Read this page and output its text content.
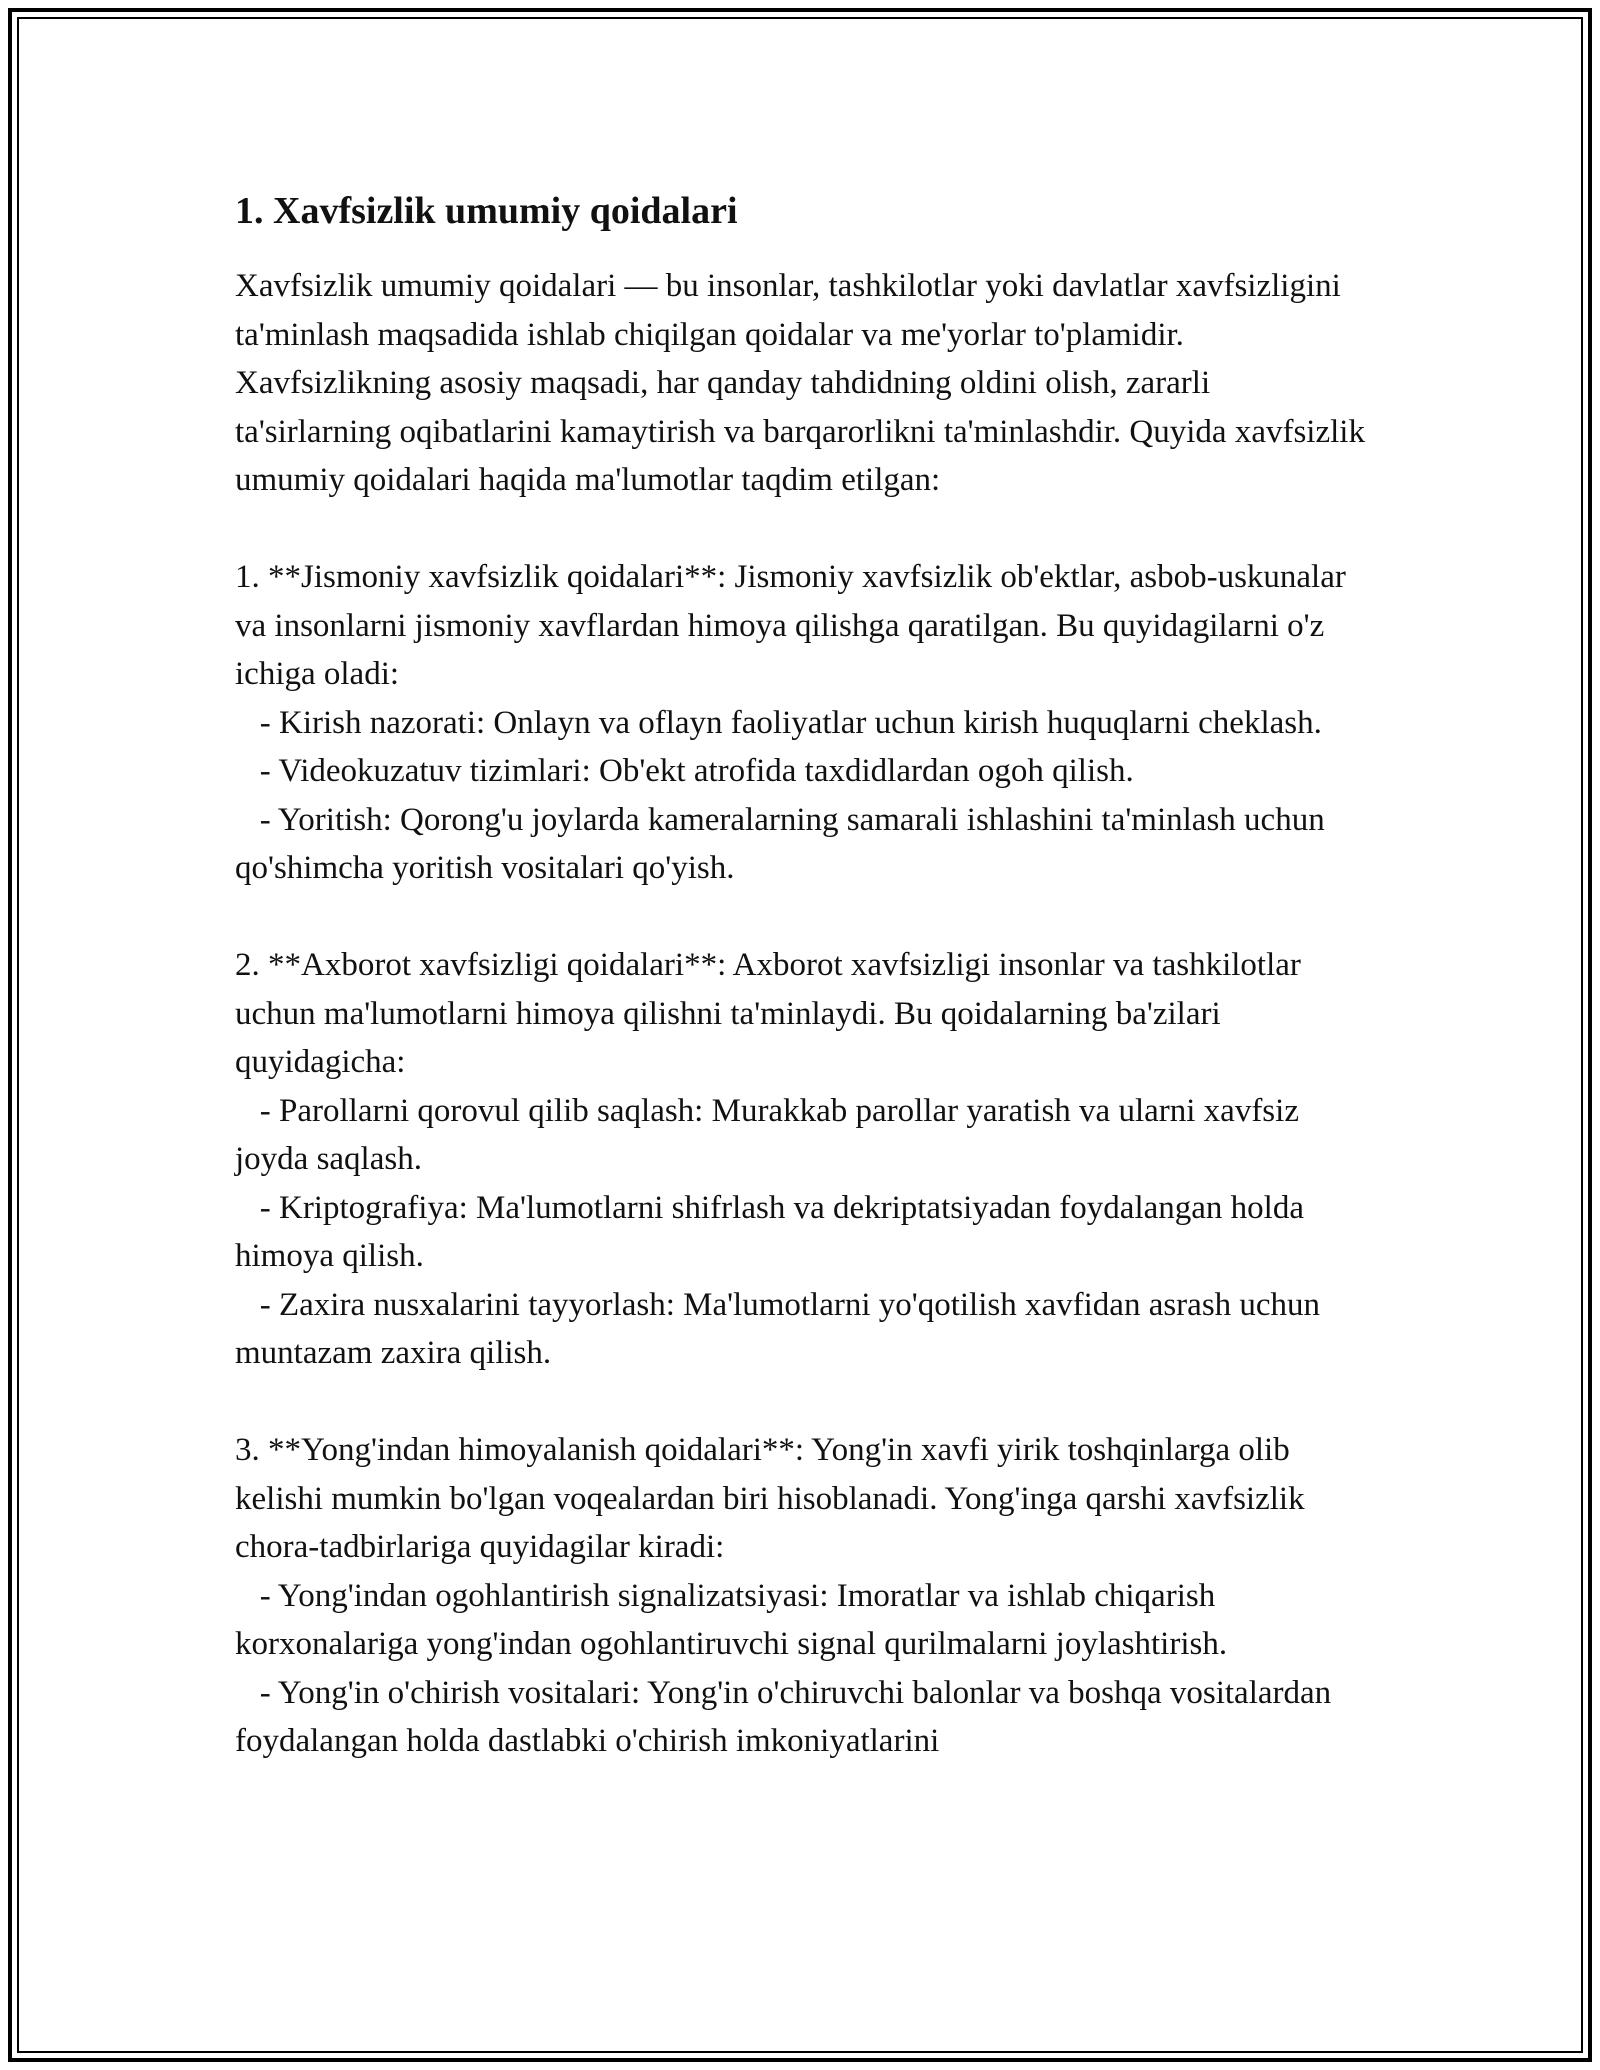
1. Xavfsizlik umumiy qoidalari

Xavfsizlik umumiy qoidalari — bu insonlar, tashkilotlar yoki davlatlar xavfsizligini ta'minlash maqsadida ishlab chiqilgan qoidalar va me'yorlar to'plamidir. Xavfsizlikning asosiy maqsadi, har qanday tahdidning oldini olish, zararli ta'sirlarning oqibatlarini kamaytirish va barqarorlikni ta'minlashdir. Quyida xavfsizlik umumiy qoidalari haqida ma'lumotlar taqdim etilgan:

1. **Jismoniy xavfsizlik qoidalari**: Jismoniy xavfsizlik ob'ektlar, asbob-uskunalar va insonlarni jismoniy xavflardan himoya qilishga qaratilgan. Bu quyidagilarni o'z ichiga oladi:

- Kirish nazorati: Onlayn va oflayn faoliyatlar uchun kirish huquqlarni cheklash.

- Videokuzatuv tizimlari: Ob'ekt atrofida taxdidlardan ogoh qilish.

- Yoritish: Qorong'u joylarda kameralarning samarali ishlashini ta'minlash uchun qo'shimcha yoritish vositalari qo'yish.

2. **Axborot xavfsizligi qoidalari**: Axborot xavfsizligi insonlar va tashkilotlar uchun ma'lumotlarni himoya qilishni ta'minlaydi. Bu qoidalarning ba'zilari quyidagicha:

- Parollarni qorovul qilib saqlash: Murakkab parollar yaratish va ularni xavfsiz joyda saqlash.

- Kriptografiya: Ma'lumotlarni shifrlash va dekriptatsiyadan foydalangan holda himoya qilish.

- Zaxira nusxalarini tayyorlash: Ma'lumotlarni yo'qotilish xavfidan asrash uchun muntazam zaxira qilish.

3. **Yong'indan himoyalanish qoidalari**: Yong'in xavfi yirik toshqinlarga olib kelishi mumkin bo'lgan voqealardan biri hisoblanadi. Yong'inga qarshi xavfsizlik chora-tadbirlariga quyidagilar kiradi:

- Yong'indan ogohlantirish signalizatsiyasi: Imoratlar va ishlab chiqarish korxonalariga yong'indan ogohlantiruvchi signal qurilmalarni joylashtirish.

- Yong'in o'chirish vositalari: Yong'in o'chiruvchi balonlar va boshqa vositalardan foydalangan holda dastlabki o'chirish imkoniyatlarini
